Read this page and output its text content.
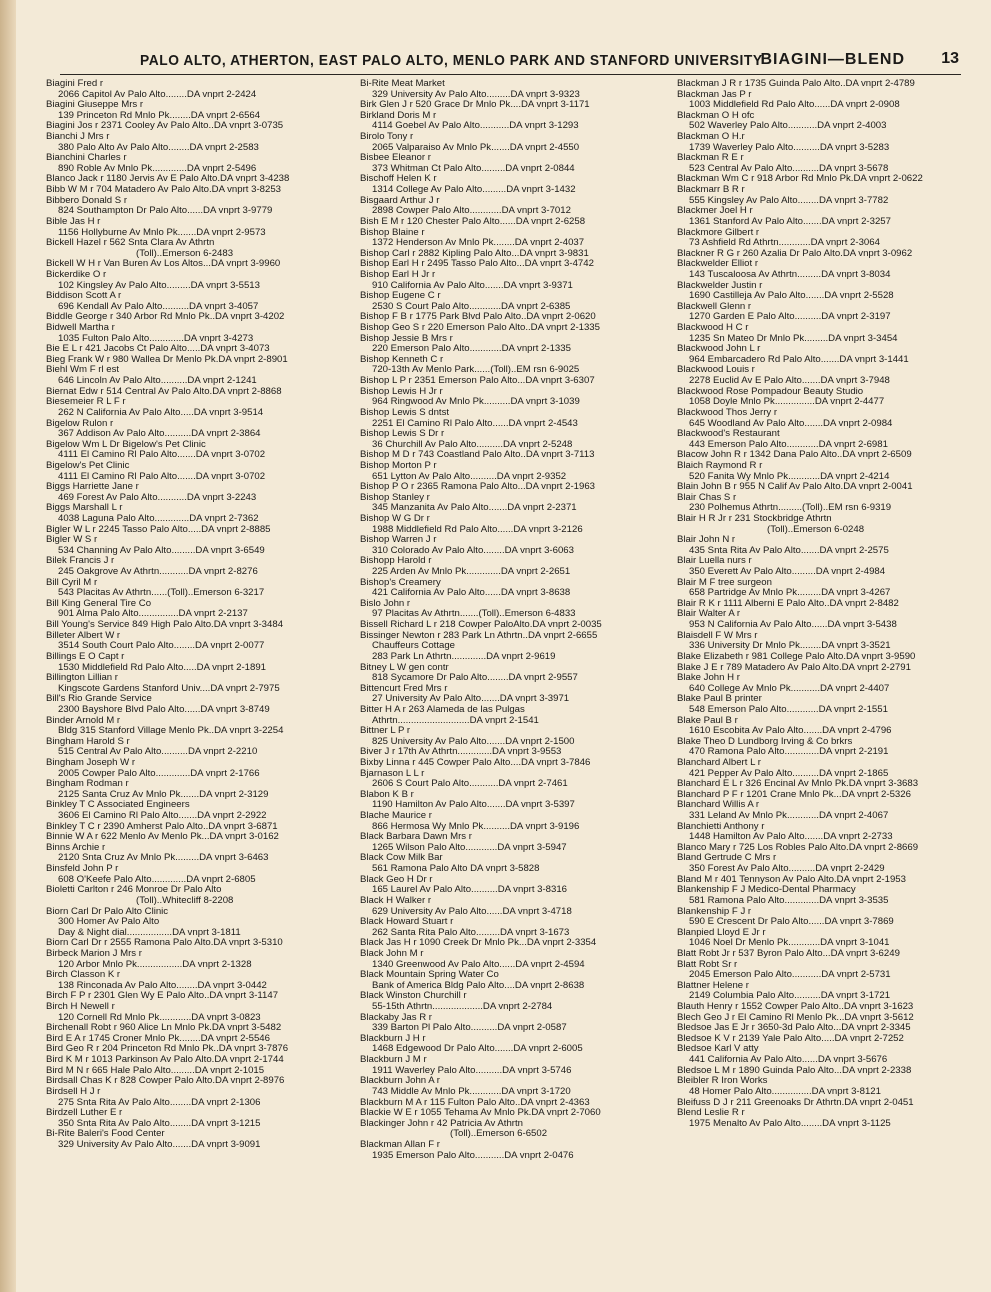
PALO ALTO, ATHERTON, EAST PALO ALTO, MENLO PARK AND STANFORD UNIVERSITY
BIAGINI—BLEND 13
Biagini Fred r
2066 Capitol Av Palo Alto........DA vnprt 2-2424
Biagini Giuseppe Mrs r
139 Princeton Rd Mnlo Pk........DA vnprt 2-6564
Biagini Jos r 2371 Cooley Av Palo Alto..DA vnprt 3-0735
Bianchi J Mrs r
380 Palo Alto Av Palo Alto........DA vnprt 2-2583
Bianchini Charles r
890 Roble Av Mnlo Pk.............DA vnprt 2-5496
Blanco Jack r 1180 Jervis Av E Palo Alto.DA vnprt 3-4238
Bibb W M r 704 Matadero Av Palo Alto.DA vnprt 3-8253
Bibbero Donald S r
824 Southampton Dr Palo Alto......DA vnprt 3-9779
Bible Jas H r
1156 Hollyburne Av Mnlo Pk.......DA vnprt 2-9573
Bickell Hazel r 562 Snta Clara Av Athrtn
(Toll)..Emerson 6-2483
Bickell W H r Van Buren Av Los Altos...DA vnprt 3-9960
Bickerdike O r
102 Kingsley Av Palo Alto.........DA vnprt 3-5513
Biddison Scott A r
696 Kendall Av Palo Alto..........DA vnprt 3-4057
Biddle George r 340 Arbor Rd Mnlo Pk..DA vnprt 3-4202
Bidwell Martha r
1035 Fulton Palo Alto.............DA vnprt 3-4273
Bie E L r 421 Jacobs Ct Palo Alto.....DA vnprt 3-4073
Bieg Frank W r 980 Wallea Dr Menlo Pk.DA vnprt 2-8901
Biehl Wm F rl est
646 Lincoln Av Palo Alto..........DA vnprt 2-1241
Biernat Edw r 514 Central Av Palo Alto.DA vnprt 2-8868
Biesemeier R L F r
262 N California Av Palo Alto.....DA vnprt 3-9514
Bigelow Rulon r
367 Addison Av Palo Alto..........DA vnprt 2-3864
Bigelow Wm L Dr Bigelow's Pet Clinic
4111 El Camino Rl Palo Alto.......DA vnprt 3-0702
Bigelow's Pet Clinic
4111 El Camino Rl Palo Alto.......DA vnprt 3-0702
Biggs Harriette Jane r
469 Forest Av Palo Alto...........DA vnprt 3-2243
Biggs Marshall L r
4038 Laguna Palo Alto.............DA vnprt 2-7362
Bigler W L r 2245 Tasso Palo Alto.....DA vnprt 2-8885
Bigler W S r
534 Channing Av Palo Alto.........DA vnprt 3-6549
Bilek Francis J r
245 Oakgrove Av Athrtn...........DA vnprt 2-8276
Bill Cyril M r
543 Placitas Av Athrtn......(Toll)..Emerson 6-3217
Bill King General Tire Co
901 Alma Palo Alto...............DA vnprt 2-2137
Bill Young's Service 849 High Palo Alto.DA vnprt 3-3484
Billeter Albert W r
3514 South Court Palo Alto........DA vnprt 2-0077
Billings E O Capt r
1530 Middlefield Rd Palo Alto.....DA vnprt 2-1891
Billington Lillian r
Kingscote Gardens Stanford Univ....DA vnprt 2-7975
Bill's Rio Grande Service
2300 Bayshore Blvd Palo Alto......DA vnprt 3-8749
Binder Arnold M r
Bldg 315 Stanford Village Menlo Pk..DA vnprt 3-2254
Bingham Harold S r
515 Central Av Palo Alto..........DA vnprt 2-2210
Bingham Joseph W r
2005 Cowper Palo Alto.............DA vnprt 2-1766
Bingham Rodman r
2125 Santa Cruz Av Mnlo Pk.......DA vnprt 2-3129
Binkley T C Associated Engineers
3606 El Camino Rl Palo Alto.......DA vnprt 2-2922
Binkley T C r 2390 Amherst Palo Alto..DA vnprt 3-6871
Binnie W A r 622 Menlo Av Menlo Pk...DA vnprt 3-0162
Binns Archie r
2120 Snta Cruz Av Mnlo Pk.........DA vnprt 3-6463
Binsfeld John P r
608 O'Keefe Palo Alto.............DA vnprt 2-6805
Bioletti Carlton r 246 Monroe Dr Palo Alto
(Toll)..Whitecliff 8-2208
Biorn Carl Dr Palo Alto Clinic
300 Homer Av Palo Alto
Day & Night dial.................DA vnprt 3-1811
Biorn Carl Dr r 2555 Ramona Palo Alto.DA vnprt 3-5310
Birbeck Marion J Mrs r
120 Arbor Mnlo Pk.................DA vnprt 2-1328
Birch Classon K r
138 Rinconada Av Palo Alto........DA vnprt 3-0442
Birch F P r 2301 Glen Wy E Palo Alto..DA vnprt 3-1147
Birch H Newell r
120 Cornell Rd Mnlo Pk............DA vnprt 3-0823
Birchenall Robt r 960 Alice Ln Mnlo Pk.DA vnprt 3-5482
Bird E A r 1745 Croner Mnlo Pk........DA vnprt 2-5546
Bird Geo R r 204 Princeton Rd Mnlo Pk..DA vnprt 3-7876
Bird K M r 1013 Parkinson Av Palo Alto.DA vnprt 2-1744
Bird M N r 665 Hale Palo Alto.........DA vnprt 2-1015
Birdsall Chas K r 828 Cowper Palo Alto.DA vnprt 2-8976
Birdsell H J r
275 Snta Rita Av Palo Alto........DA vnprt 2-1306
Birdzell Luther E r
350 Snta Rita Av Palo Alto........DA vnprt 3-1215
Bi-Rite Baleri's Food Center
329 University Av Palo Alto.......DA vnprt 3-9091
Bi-Rite Meat Market
329 University Av Palo Alto.........DA vnprt 3-9323
Birk Glen J r 520 Grace Dr Mnlo Pk....DA vnprt 3-1171
Birkland Doris M r
4114 Goebel Av Palo Alto...........DA vnprt 3-1293
Birolo Tony r
2065 Valparaiso Av Mnlo Pk.......DA vnprt 2-4550
Bisbee Eleanor r
373 Whitman Ct Palo Alto.........DA vnprt 2-0844
Bischoff Helen K r
1314 College Av Palo Alto.........DA vnprt 3-1432
Bisgaard Arthur J r
2898 Cowper Palo Alto............DA vnprt 3-7012
Bish E M r 120 Chester Palo Alto......DA vnprt 2-6258
Bishop Blaine r
1372 Henderson Av Mnlo Pk........DA vnprt 2-4037
Bishop Carl r 2882 Kipling Palo Alto...DA vnprt 3-9831
Bishop Earl H r 2495 Tasso Palo Alto...DA vnprt 3-4742
Bishop Earl H Jr r
910 California Av Palo Alto.......DA vnprt 3-9371
Bishop Eugene C r
2530 S Court Palo Alto............DA vnprt 2-6385
Bishop F B r 1775 Park Blvd Palo Alto..DA vnprt 2-0620
Bishop Geo S r 220 Emerson Palo Alto..DA vnprt 2-1335
Bishop Jessie B Mrs r
220 Emerson Palo Alto............DA vnprt 2-1335
Bishop Kenneth C r
720-13th Av Menlo Park......(Toll)..EM rsn 6-9025
Bishop L P r 2351 Emerson Palo Alto...DA vnprt 3-6307
Bishop Lewis H Jr r
964 Ringwood Av Mnlo Pk..........DA vnprt 3-1039
Bishop Lewis S dntst
2251 El Camino Rl Palo Alto......DA vnprt 2-4543
Bishop Lewis S Dr r
36 Churchill Av Palo Alto..........DA vnprt 2-5248
Bishop M D r 743 Coastland Palo Alto..DA vnprt 3-7113
Bishop Morton P r
651 Lytton Av Palo Alto..........DA vnprt 2-9352
Bishop P O r 2365 Ramona Palo Alto...DA vnprt 2-1963
Bishop Stanley r
345 Manzanita Av Palo Alto.......DA vnprt 2-2371
Bishop W G Dr r
1988 Middlefield Rd Palo Alto......DA vnprt 3-2126
Bishop Warren J r
310 Colorado Av Palo Alto........DA vnprt 3-6063
Bishopp Harold r
225 Arden Av Mnlo Pk.............DA vnprt 2-2651
Bishop's Creamery
421 California Av Palo Alto......DA vnprt 3-8638
Bislo John r
97 Placitas Av Athrtn.......(Toll)..Emerson 6-4833
Bissell Richard L r 218 Cowper PaloAlto.DA vnprt 2-0035
Bissinger Newton r 283 Park Ln Athrtn..DA vnprt 2-6655
Chauffeurs Cottage
283 Park Ln Athrtn.............DA vnprt 2-9619
Bitney L W gen contr
818 Sycamore Dr Palo Alto........DA vnprt 2-9557
Bittencurt Fred Mrs r
27 University Av Palo Alto.......DA vnprt 3-3971
Bitter H A r 263 Alameda de las Pulgas
Athrtn...........................DA vnprt 2-1541
Bittner L P r
825 University Av Palo Alto.......DA vnprt 2-1500
Biver J r 17th Av Athrtn.............DA vnprt 3-9553
Bixby Linna r 445 Cowper Palo Alto....DA vnprt 3-7846
Bjarnason L L r
2606 S Court Palo Alto...........DA vnprt 2-7461
Blabon K B r
1190 Hamilton Av Palo Alto.......DA vnprt 3-5397
Blache Maurice r
866 Hermosa Wy Mnlo Pk..........DA vnprt 3-9196
Black Barbara Dawn Mrs r
1265 Wilson Palo Alto............DA vnprt 3-5947
Black Cow Milk Bar
561 Ramona Palo Alto DA vnprt 3-5828
Black Geo H Dr r
165 Laurel Av Palo Alto..........DA vnprt 3-8316
Black H Walker r
629 University Av Palo Alto......DA vnprt 3-4718
Black Howard Stuart r
262 Santa Rita Palo Alto.........DA vnprt 3-1673
Black Jas H r 1090 Creek Dr Mnlo Pk...DA vnprt 2-3354
Black John M r
1340 Greenwood Av Palo Alto......DA vnprt 2-4594
Black Mountain Spring Water Co
Bank of America Bldg Palo Alto....DA vnprt 2-8638
Black Winston Churchill r
55-15th Athrtn...................DA vnprt 2-2784
Blackaby Jas R r
339 Barton Pl Palo Alto..........DA vnprt 2-0587
Blackburn J H r
1468 Edgewood Dr Palo Alto.......DA vnprt 2-6005
Blackburn J M r
1911 Waverley Palo Alto..........DA vnprt 3-5746
Blackburn John A r
743 Middle Av Mnlo Pk............DA vnprt 3-1720
Blackburn M A r 115 Fulton Palo Alto..DA vnprt 2-4363
Blackie W E r 1055 Tehama Av Mnlo Pk.DA vnprt 2-7060
Blackinger John r 42 Patricia Av Athrtn
(Toll)..Emerson 6-6502
Blackman Allan F r
1935 Emerson Palo Alto...........DA vnprt 2-0476
Blackman J R r 1735 Guinda Palo Alto..DA vnprt 2-4789
Blackman Jas P r
1003 Middlefield Rd Palo Alto......DA vnprt 2-0908
Blackman O H ofc
502 Waverley Palo Alto...........DA vnprt 2-4003
Blackman O H.r
1739 Waverley Palo Alto..........DA vnprt 3-5283
Blackman R E r
523 Central Av Palo Alto..........DA vnprt 3-5678
Blackman Wm C r 918 Arbor Rd Mnlo Pk.DA vnprt 2-0622
Blackmarr B R r
555 Kingsley Av Palo Alto........DA vnprt 3-7782
Blackmer Joel H r
1361 Stanford Av Palo Alto.......DA vnprt 2-3257
Blackmore Gilbert r
73 Ashfield Rd Athrtn............DA vnprt 2-3064
Blackner R G r 260 Azalia Dr Palo Alto.DA vnprt 3-0962
Blackwelder Elliot r
143 Tuscaloosa Av Athrtn.........DA vnprt 3-8034
Blackwelder Justin r
1690 Castilleja Av Palo Alto.......DA vnprt 2-5528
Blackwell Glenn r
1270 Garden E Palo Alto..........DA vnprt 2-3197
Blackwood H C r
1235 Sn Mateo Dr Mnlo Pk.........DA vnprt 3-3454
Blackwood John L r
964 Embarcadero Rd Palo Alto.......DA vnprt 3-1441
Blackwood Louis r
2278 Euclid Av E Palo Alto.......DA vnprt 3-7948
Blackwood Rose Pompadour Beauty Studio
1058 Doyle Mnlo Pk...............DA vnprt 2-4477
Blackwood Thos Jerry r
645 Woodland Av Palo Alto.......DA vnprt 2-0984
Blackwood's Restaurant
443 Emerson Palo Alto............DA vnprt 2-6981
Blacow John R r 1342 Dana Palo Alto..DA vnprt 2-6509
Blaich Raymond R r
520 Fanita Wy Mnlo Pk............DA vnprt 2-4214
Blain John B r 955 N Calif Av Palo Alto.DA vnprt 2-0041
Blair Chas S r
230 Polhemus Athrtn.........(Toll)..EM rsn 6-9319
Blair H R Jr r 231 Stockbridge Athrtn
(Toll)..Emerson 6-0248
Blair John N r
435 Snta Rita Av Palo Alto.......DA vnprt 2-2575
Blair Luella nurs r
350 Everett Av Palo Alto.........DA vnprt 2-4984
Blair M F tree surgeon
658 Partridge Av Mnlo Pk.........DA vnprt 3-4267
Blair R K r 1111 Alberni E Palo Alto..DA vnprt 2-8482
Blair Walter A r
953 N California Av Palo Alto......DA vnprt 3-5438
Blaisdell F W Mrs r
336 University Dr Mnlo Pk........DA vnprt 3-3521
Blake Elizabeth r 981 College Palo Alto.DA vnprt 3-9590
Blake J E r 789 Matadero Av Palo Alto.DA vnprt 2-2791
Blake John H r
640 College Av Mnlo Pk...........DA vnprt 2-4407
Blake Paul B printer
548 Emerson Palo Alto............DA vnprt 2-1551
Blake Paul B r
1610 Escobita Av Palo Alto.......DA vnprt 2-4796
Blake Theo D Lundborg Irving & Co brkrs
470 Ramona Palo Alto.............DA vnprt 2-2191
Blanchard Albert L r
421 Pepper Av Palo Alto..........DA vnprt 2-1865
Blanchard E L r 326 Encinal Av Mnlo Pk.DA vnprt 3-3683
Blanchard P F r 1201 Crane Mnlo Pk...DA vnprt 2-5326
Blanchard Willis A r
331 Leland Av Mnlo Pk............DA vnprt 2-4067
Blanchietti Anthony r
1448 Hamilton Av Palo Alto.......DA vnprt 2-2733
Blanco Mary r 725 Los Robles Palo Alto.DA vnprt 2-8669
Bland Gertrude C Mrs r
350 Forest Av Palo Alto..........DA vnprt 2-2429
Bland M r 401 Tennyson Av Palo Alto.DA vnprt 2-1953
Blankenship F J Medico-Dental Pharmacy
581 Ramona Palo Alto.............DA vnprt 3-3535
Blankenship F J r
590 E Crescent Dr Palo Alto......DA vnprt 3-7869
Blanpied Lloyd E Jr r
1046 Noel Dr Menlo Pk............DA vnprt 3-1041
Blatt Robt Jr r 537 Byron Palo Alto...DA vnprt 3-6249
Blatt Robt Sr r
2045 Emerson Palo Alto...........DA vnprt 2-5731
Blattner Helene r
2149 Columbia Palo Alto..........DA vnprt 3-1721
Blauth Henry r 1552 Cowper Palo Alto..DA vnprt 3-1623
Blech Geo J r El Camino Rl Menlo Pk...DA vnprt 3-5612
Bledsoe Jas E Jr r 3650-3d Palo Alto...DA vnprt 2-3345
Bledsoe K V r 2139 Yale Palo Alto.....DA vnprt 2-7252
Bledsoe Karl V atty
441 California Av Palo Alto......DA vnprt 3-5676
Bledsoe L M r 1890 Guinda Palo Alto...DA vnprt 2-2338
Bleibler R Iron Works
48 Homer Palo Alto...............DA vnprt 3-8121
Bleifuss D J r 211 Greenoaks Dr Athrtn.DA vnprt 2-0451
Blend Leslie R r
1975 Menalto Av Palo Alto........DA vnprt 3-1125
